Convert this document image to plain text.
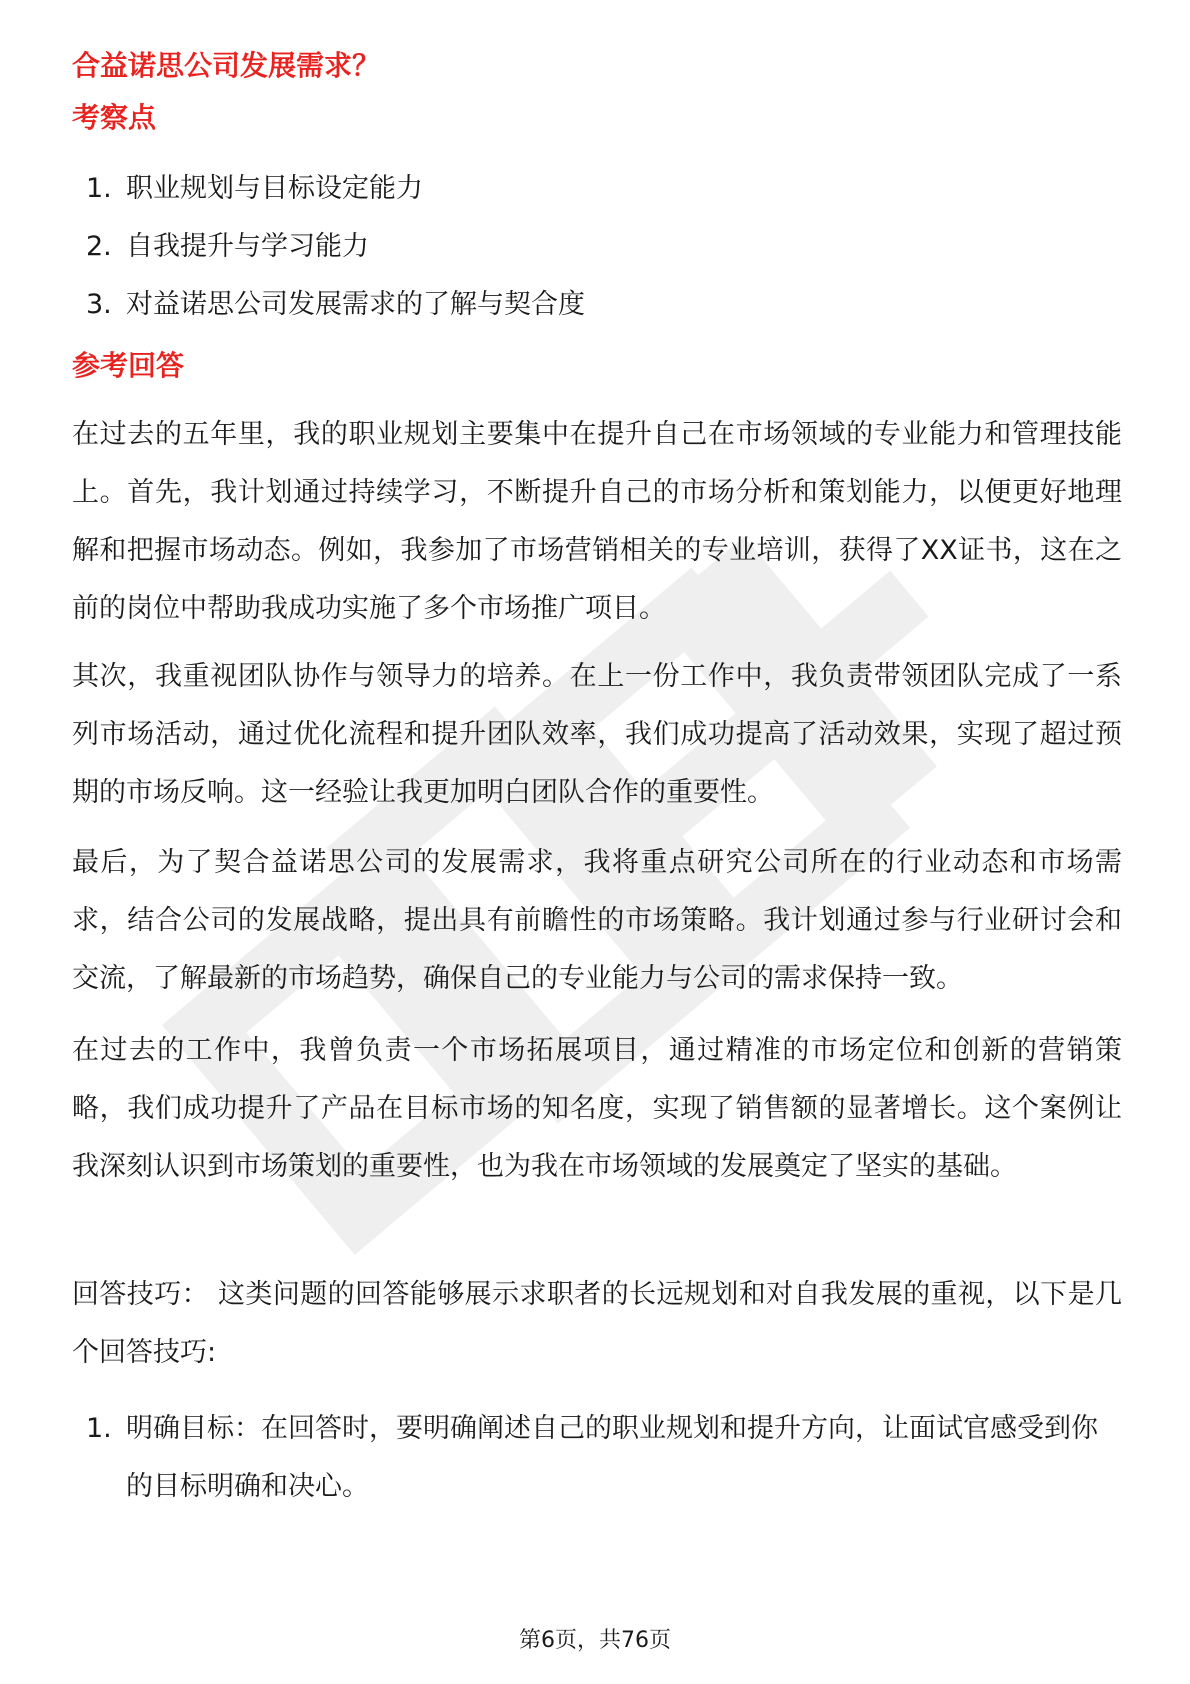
合益诺思公司发展需求？
考察点
1. 职业规划与目标设定能力
2. 自我提升与学习能力
3. 对益诺思公司发展需求的了解与契合度
参考回答

在过去的五年里，我的职业规划主要集中在提升自己在市场领域的专业能力和管理技能上。首先，我计划通过持续学习，不断提升自己的市场分析和策划能力，以便更好地理解和把握市场动态。例如，我参加了市场营销相关的专业培训，获得了XX证书，这在之前的岗位中帮助我成功实施了多个市场推广项目。

其次，我重视团队协作与领导力的培养。在上一份工作中，我负责带领团队完成了一系列市场活动，通过优化流程和提升团队效率，我们成功提高了活动效果，实现了超过预期的市场反响。这一经验让我更加明白团队合作的重要性。

最后，为了契合益诺思公司的发展需求，我将重点研究公司所在的行业动态和市场需求，结合公司的发展战略，提出具有前瞻性的市场策略。我计划通过参与行业研讨会和交流，了解最新的市场趋势，确保自己的专业能力与公司的需求保持一致。

在过去的工作中，我曾负责一个市场拓展项目，通过精准的市场定位和创新的营销策略，我们成功提升了产品在目标市场的知名度，实现了销售额的显著增长。这个案例让我深刻认识到市场策划的重要性，也为我在市场领域的发展奠定了坚实的基础。

回答技巧： 这类问题的回答能够展示求职者的长远规划和对自我发展的重视，以下是几个回答技巧:

1. 明确目标：在回答时，要明确阐述自己的职业规划和提升方向，让面试官感受到你的目标明确和决心。
第6页，共76页
